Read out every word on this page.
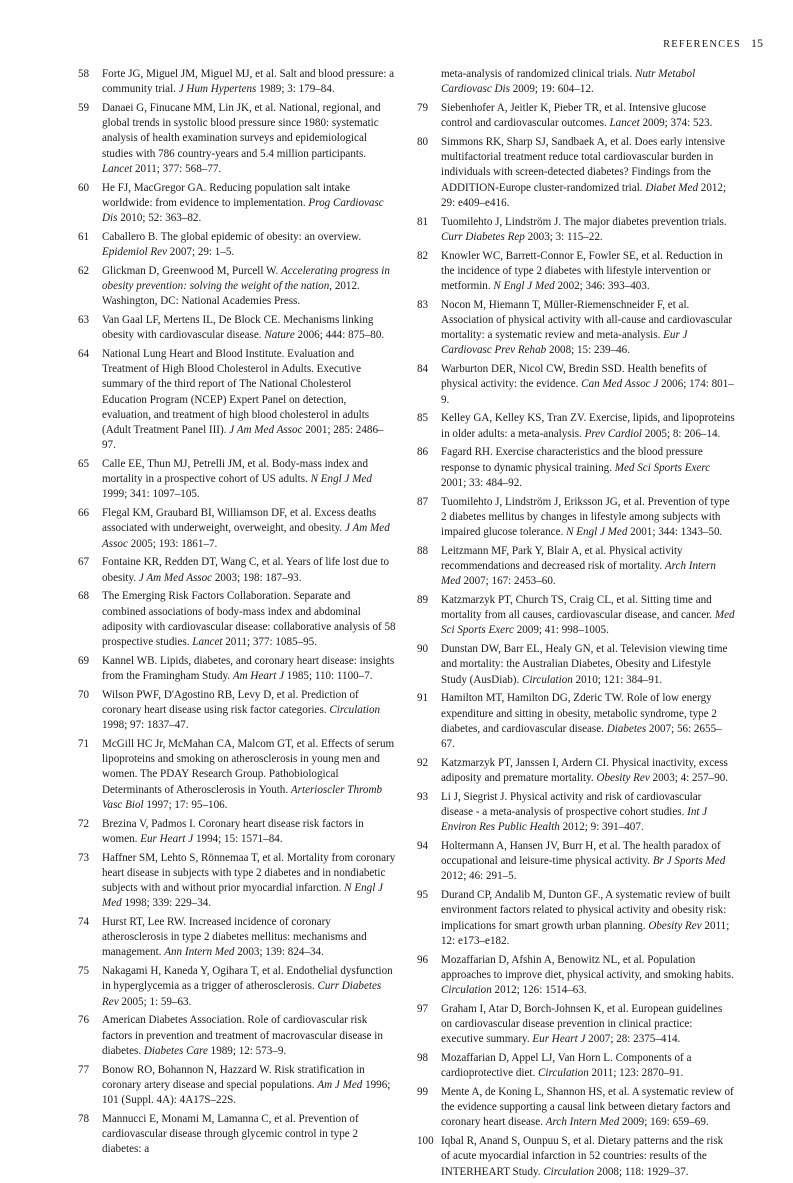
REFERENCES 15
58	Forte JG, Miguel JM, Miguel MJ, et al. Salt and blood pressure: a community trial. J Hum Hypertens 1989; 3: 179–84.
59	Danaei G, Finucane MM, Lin JK, et al. National, regional, and global trends in systolic blood pressure since 1980: systematic analysis of health examination surveys and epidemiological studies with 786 country-years and 5.4 million participants. Lancet 2011; 377: 568–77.
60	He FJ, MacGregor GA. Reducing population salt intake worldwide: from evidence to implementation. Prog Cardiovasc Dis 2010; 52: 363–82.
61	Caballero B. The global epidemic of obesity: an overview. Epidemiol Rev 2007; 29: 1–5.
62	Glickman D, Greenwood M, Purcell W. Accelerating progress in obesity prevention: solving the weight of the nation, 2012. Washington, DC: National Academies Press.
63	Van Gaal LF, Mertens IL, De Block CE. Mechanisms linking obesity with cardiovascular disease. Nature 2006; 444: 875–80.
64	National Lung Heart and Blood Institute. Evaluation and Treatment of High Blood Cholesterol in Adults. Executive summary of the third report of The National Cholesterol Education Program (NCEP) Expert Panel on detection, evaluation, and treatment of high blood cholesterol in adults (Adult Treatment Panel III). J Am Med Assoc 2001; 285: 2486–97.
65	Calle EE, Thun MJ, Petrelli JM, et al. Body-mass index and mortality in a prospective cohort of US adults. N Engl J Med 1999; 341: 1097–105.
66	Flegal KM, Graubard BI, Williamson DF, et al. Excess deaths associated with underweight, overweight, and obesity. J Am Med Assoc 2005; 193: 1861–7.
67	Fontaine KR, Redden DT, Wang C, et al. Years of life lost due to obesity. J Am Med Assoc 2003; 198: 187–93.
68	The Emerging Risk Factors Collaboration. Separate and combined associations of body-mass index and abdominal adiposity with cardiovascular disease: collaborative analysis of 58 prospective studies. Lancet 2011; 377: 1085–95.
69	Kannel WB. Lipids, diabetes, and coronary heart disease: insights from the Framingham Study. Am Heart J 1985; 110: 1100–7.
70	Wilson PWF, D'Agostino RB, Levy D, et al. Prediction of coronary heart disease using risk factor categories. Circulation 1998; 97: 1837–47.
71	McGill HC Jr, McMahan CA, Malcom GT, et al. Effects of serum lipoproteins and smoking on atherosclerosis in young men and women. The PDAY Research Group. Pathobiological Determinants of Atherosclerosis in Youth. Arterioscler Thromb Vasc Biol 1997; 17: 95–106.
72	Brezina V, Padmos I. Coronary heart disease risk factors in women. Eur Heart J 1994; 15: 1571–84.
73	Haffner SM, Lehto S, Rönnemaa T, et al. Mortality from coronary heart disease in subjects with type 2 diabetes and in nondiabetic subjects with and without prior myocardial infarction. N Engl J Med 1998; 339: 229–34.
74	Hurst RT, Lee RW. Increased incidence of coronary atherosclerosis in type 2 diabetes mellitus: mechanisms and management. Ann Intern Med 2003; 139: 824–34.
75	Nakagami H, Kaneda Y, Ogihara T, et al. Endothelial dysfunction in hyperglycemia as a trigger of atherosclerosis. Curr Diabetes Rev 2005; 1: 59–63.
76	American Diabetes Association. Role of cardiovascular risk factors in prevention and treatment of macrovascular disease in diabetes. Diabetes Care 1989; 12: 573–9.
77	Bonow RO, Bohannon N, Hazzard W. Risk stratification in coronary artery disease and special populations. Am J Med 1996; 101 (Suppl. 4A): 4A17S–22S.
78	Mannucci E, Monami M, Lamanna C, et al. Prevention of cardiovascular disease through glycemic control in type 2 diabetes: a
meta-analysis of randomized clinical trials. Nutr Metabol Cardiovasc Dis 2009; 19: 604–12.
79	Siebenhofer A, Jeitler K, Pieber TR, et al. Intensive glucose control and cardiovascular outcomes. Lancet 2009; 374: 523.
80	Simmons RK, Sharp SJ, Sandbaek A, et al. Does early intensive multifactorial treatment reduce total cardiovascular burden in individuals with screen-detected diabetes? Findings from the ADDITION-Europe cluster-randomized trial. Diabet Med 2012; 29: e409–e416.
81	Tuomilehto J, Lindström J. The major diabetes prevention trials. Curr Diabetes Rep 2003; 3: 115–22.
82	Knowler WC, Barrett-Connor E, Fowler SE, et al. Reduction in the incidence of type 2 diabetes with lifestyle intervention or metformin. N Engl J Med 2002; 346: 393–403.
83	Nocon M, Hiemann T, Müller-Riemenschneider F, et al. Association of physical activity with all-cause and cardiovascular mortality: a systematic review and meta-analysis. Eur J Cardiovasc Prev Rehab 2008; 15: 239–46.
84	Warburton DER, Nicol CW, Bredin SSD. Health benefits of physical activity: the evidence. Can Med Assoc J 2006; 174: 801–9.
85	Kelley GA, Kelley KS, Tran ZV. Exercise, lipids, and lipoproteins in older adults: a meta-analysis. Prev Cardiol 2005; 8: 206–14.
86	Fagard RH. Exercise characteristics and the blood pressure response to dynamic physical training. Med Sci Sports Exerc 2001; 33: 484–92.
87	Tuomilehto J, Lindström J, Eriksson JG, et al. Prevention of type 2 diabetes mellitus by changes in lifestyle among subjects with impaired glucose tolerance. N Engl J Med 2001; 344: 1343–50.
88	Leitzmann MF, Park Y, Blair A, et al. Physical activity recommendations and decreased risk of mortality. Arch Intern Med 2007; 167: 2453–60.
89	Katzmarzyk PT, Church TS, Craig CL, et al. Sitting time and mortality from all causes, cardiovascular disease, and cancer. Med Sci Sports Exerc 2009; 41: 998–1005.
90	Dunstan DW, Barr EL, Healy GN, et al. Television viewing time and mortality: the Australian Diabetes, Obesity and Lifestyle Study (AusDiab). Circulation 2010; 121: 384–91.
91	Hamilton MT, Hamilton DG, Zderic TW. Role of low energy expenditure and sitting in obesity, metabolic syndrome, type 2 diabetes, and cardiovascular disease. Diabetes 2007; 56: 2655–67.
92	Katzmarzyk PT, Janssen I, Ardern CI. Physical inactivity, excess adiposity and premature mortality. Obesity Rev 2003; 4: 257–90.
93	Li J, Siegrist J. Physical activity and risk of cardiovascular disease - a meta-analysis of prospective cohort studies. Int J Environ Res Public Health 2012; 9: 391–407.
94	Holtermann A, Hansen JV, Burr H, et al. The health paradox of occupational and leisure-time physical activity. Br J Sports Med 2012; 46: 291–5.
95	Durand CP, Andalib M, Dunton GF., A systematic review of built environment factors related to physical activity and obesity risk: implications for smart growth urban planning. Obesity Rev 2011; 12: e173–e182.
96	Mozaffarian D, Afshin A, Benowitz NL, et al. Population approaches to improve diet, physical activity, and smoking habits. Circulation 2012; 126: 1514–63.
97	Graham I, Atar D, Borch-Johnsen K, et al. European guidelines on cardiovascular disease prevention in clinical practice: executive summary. Eur Heart J 2007; 28: 2375–414.
98	Mozaffarian D, Appel LJ, Van Horn L. Components of a cardioprotective diet. Circulation 2011; 123: 2870–91.
99	Mente A, de Koning L, Shannon HS, et al. A systematic review of the evidence supporting a causal link between dietary factors and coronary heart disease. Arch Intern Med 2009; 169: 659–69.
100 Iqbal R, Anand S, Ounpuu S, et al. Dietary patterns and the risk of acute myocardial infarction in 52 countries: results of the INTERHEART Study. Circulation 2008; 118: 1929–37.
